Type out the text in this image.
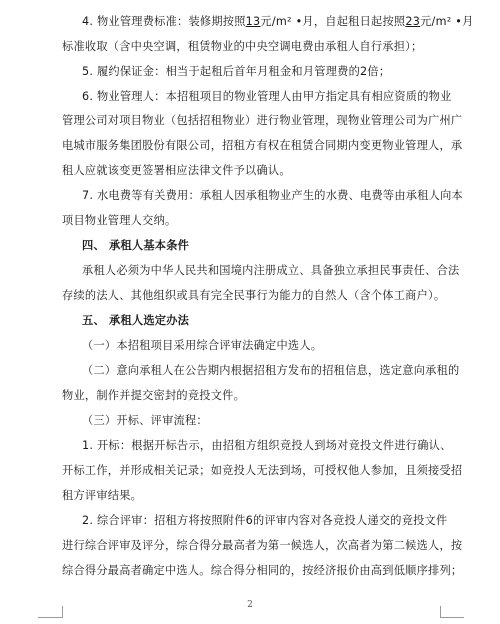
4. 物业管理费标准：装修期按照13元/m² •月，自起租日起按照23元/m² •月
标准收取（含中央空调，租赁物业的中央空调电费由承租人自行承担）；
5. 履约保证金：相当于起租后首年月租金和月管理费的2倍；
6. 物业管理人：本招租项目的物业管理人由甲方指定具有相应资质的物业
管理公司对项目物业（包括招租物业）进行物业管理，现物业管理公司为广州广
电城市服务集团股份有限公司，招租方有权在租赁合同期内变更物业管理人，承
租人应就该变更签署相应法律文件予以确认。
7. 水电费等有关费用：承租人因承租物业产生的水费、电费等由承租人向本
项目物业管理人交纳。
四、 承租人基本条件
承租人必须为中华人民共和国境内注册成立、具备独立承担民事责任、合法
存续的法人、其他组织或具有完全民事行为能力的自然人（含个体工商户）。
五、 承租人选定办法
（一）本招租项目采用综合评审法确定中选人。
（二）意向承租人在公告期内根据招租方发布的招租信息，选定意向承租的
物业，制作并提交密封的竞投文件。
（三）开标、评审流程：
1. 开标：根据开标告示，由招租方组织竞投人到场对竞投文件进行确认、
开标工作，并形成相关记录；如竞投人无法到场，可授权他人参加，且须接受招
租方评审结果。
2. 综合评审：招租方将按照附件6的评审内容对各竞投人递交的竞投文件
进行综合评审及评分，综合得分最高者为第一候选人，次高者为第二候选人，按
综合得分最高者确定中选人。综合得分相同的，按经济报价由高到低顺序排列；
2
